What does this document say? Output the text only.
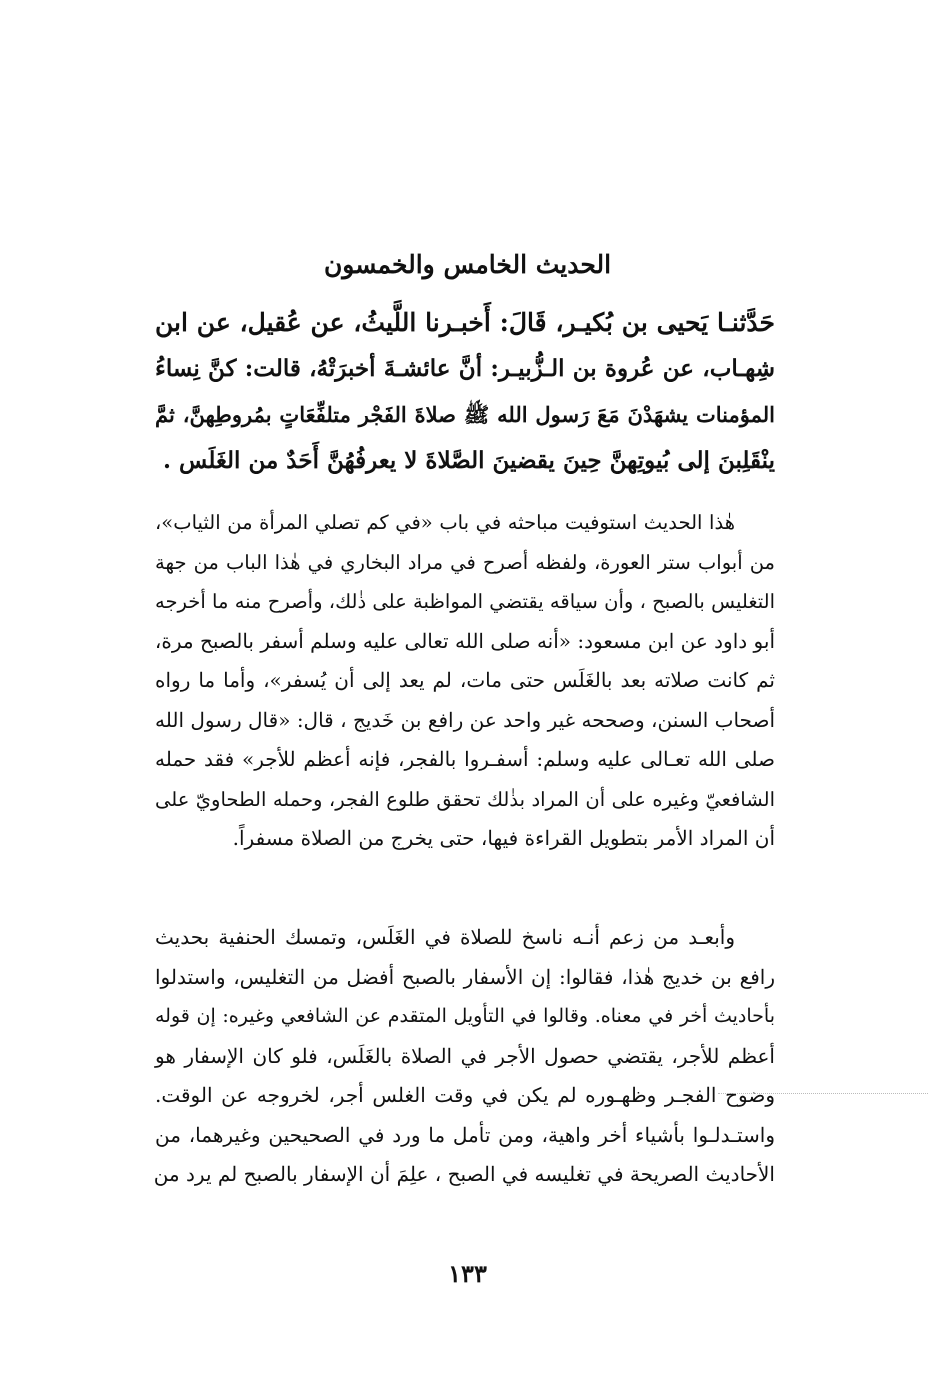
الحديث الخامس والخمسون
حَدَّثنـا يَحيى بن بُكيـر، قَالَ: أَخبـرنا اللَّيثُ، عن عُقيل، عن ابن
شِهـاب، عن عُروة بن الـزُّبيـر: أنَّ عائشـةَ أخبرَتْهُ، قالت: كنَّ نِساءُ
المؤمنات يشهَدْنَ مَعَ رَسول الله ﷺ صلاةَ الفَجْر متلفِّعَاتٍ بمُروطِهنَّ، ثمَّ
ينْقَلِبنَ إلى بُيوتِهنَّ حِينَ يقضينَ الصَّلاةَ لا يعرفُهُنَّ أَحَدٌ من الغَلَس .
هٰذا الحديث استوفيت مباحثه في باب «في كم تصلي المرأة من الثياب»،
من أبواب ستر العورة، ولفظه أصرح في مراد البخاري في هٰذا الباب من جهة
التغليس بالصبح ، وأن سياقه يقتضي المواظبة على ذٰلك، وأصرح منه ما أخرجه
أبو داود عن ابن مسعود: «أنه صلى الله تعالى عليه وسلم أسفر بالصبح مرة،
ثم كانت صلاته بعد بالغَلَس حتى مات، لم يعد إلى أن يُسفر»، وأما ما رواه
أصحاب السنن، وصححه غير واحد عن رافع بن خَديج ، قال: «قال رسول الله
صلى الله تعـالى عليه وسلم: أسفـروا بالفجر، فإنه أعظم للأجر» فقد حمله
الشافعيّ وغيره على أن المراد بذٰلك تحقق طلوع الفجر، وحمله الطحاويّ على
أن المراد الأمر بتطويل القراءة فيها، حتى يخرج من الصلاة مسفراً.
وأبعـد من زعم أنـه ناسخ للصلاة في الغَلَس، وتمسك الحنفية بحديث
رافع بن خديج هٰذا، فقالوا: إن الأسفار بالصبح أفضل من التغليس، واستدلوا
بأحاديث أخر في معناه. وقالوا في التأويل المتقدم عن الشافعي وغيره: إن قوله
أعظم للأجر، يقتضي حصول الأجر في الصلاة بالغَلَس، فلو كان الإسفار هو
وضوح الفجـر وظهـوره لم يكن في وقت الغلس أجر، لخروجه عن الوقت.
واستـدلـوا بأشياء أخر واهية، ومن تأمل ما ورد في الصحيحين وغيرهما، من
الأحاديث الصريحة في تغليسه في الصبح ، علِمَ أن الإسفار بالصبح لم يرد من
١٣٣
